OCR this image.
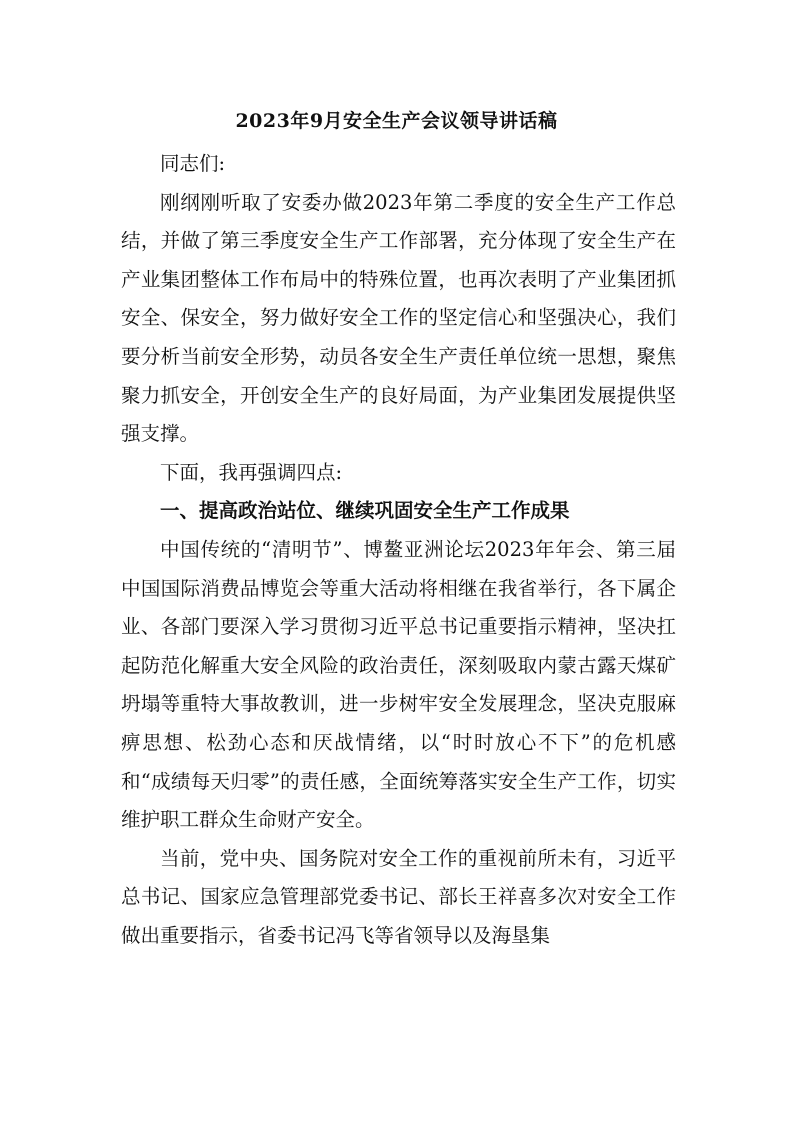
2023年9月安全生产会议领导讲话稿

同志们:

刚纲刚听取了安委办做2023年第二季度的安全生产工作总结，并做了第三季度安全生产工作部署，充分体现了安全生产在产业集团整体工作布局中的特殊位置，也再次表明了产业集团抓安全、保安全，努力做好安全工作的坚定信心和坚强决心，我们要分析当前安全形势，动员各安全生产责任单位统一思想，聚焦聚力抓安全，开创安全生产的良好局面，为产业集团发展提供坚强支撑。

下面，我再强调四点:

一、提高政治站位、继续巩固安全生产工作成果

中国传统的“清明节”、博鳌亚洲论坛2023年年会、第三届中国国际消费品博览会等重大活动将相继在我省举行，各下属企业、各部门要深入学习贯彻习近平总书记重要指示精神，坚决扛起防范化解重大安全风险的政治责任，深刻吸取内蒙古露天煤矿坍塌等重特大事故教训，进一步树牢安全发展理念，坚决克服麻痹思想、松劲心态和厌战情绪，以“时时放心不下”的危机感和“成绩每天归零”的责任感，全面统筹落实安全生产工作，切实维护职工群众生命财产安全。

当前，党中央、国务院对安全工作的重视前所未有，习近平总书记、国家应急管理部党委书记、部长王祥喜多次对安全工作做出重要指示，省委书记冯飞等省领导以及海垦集
